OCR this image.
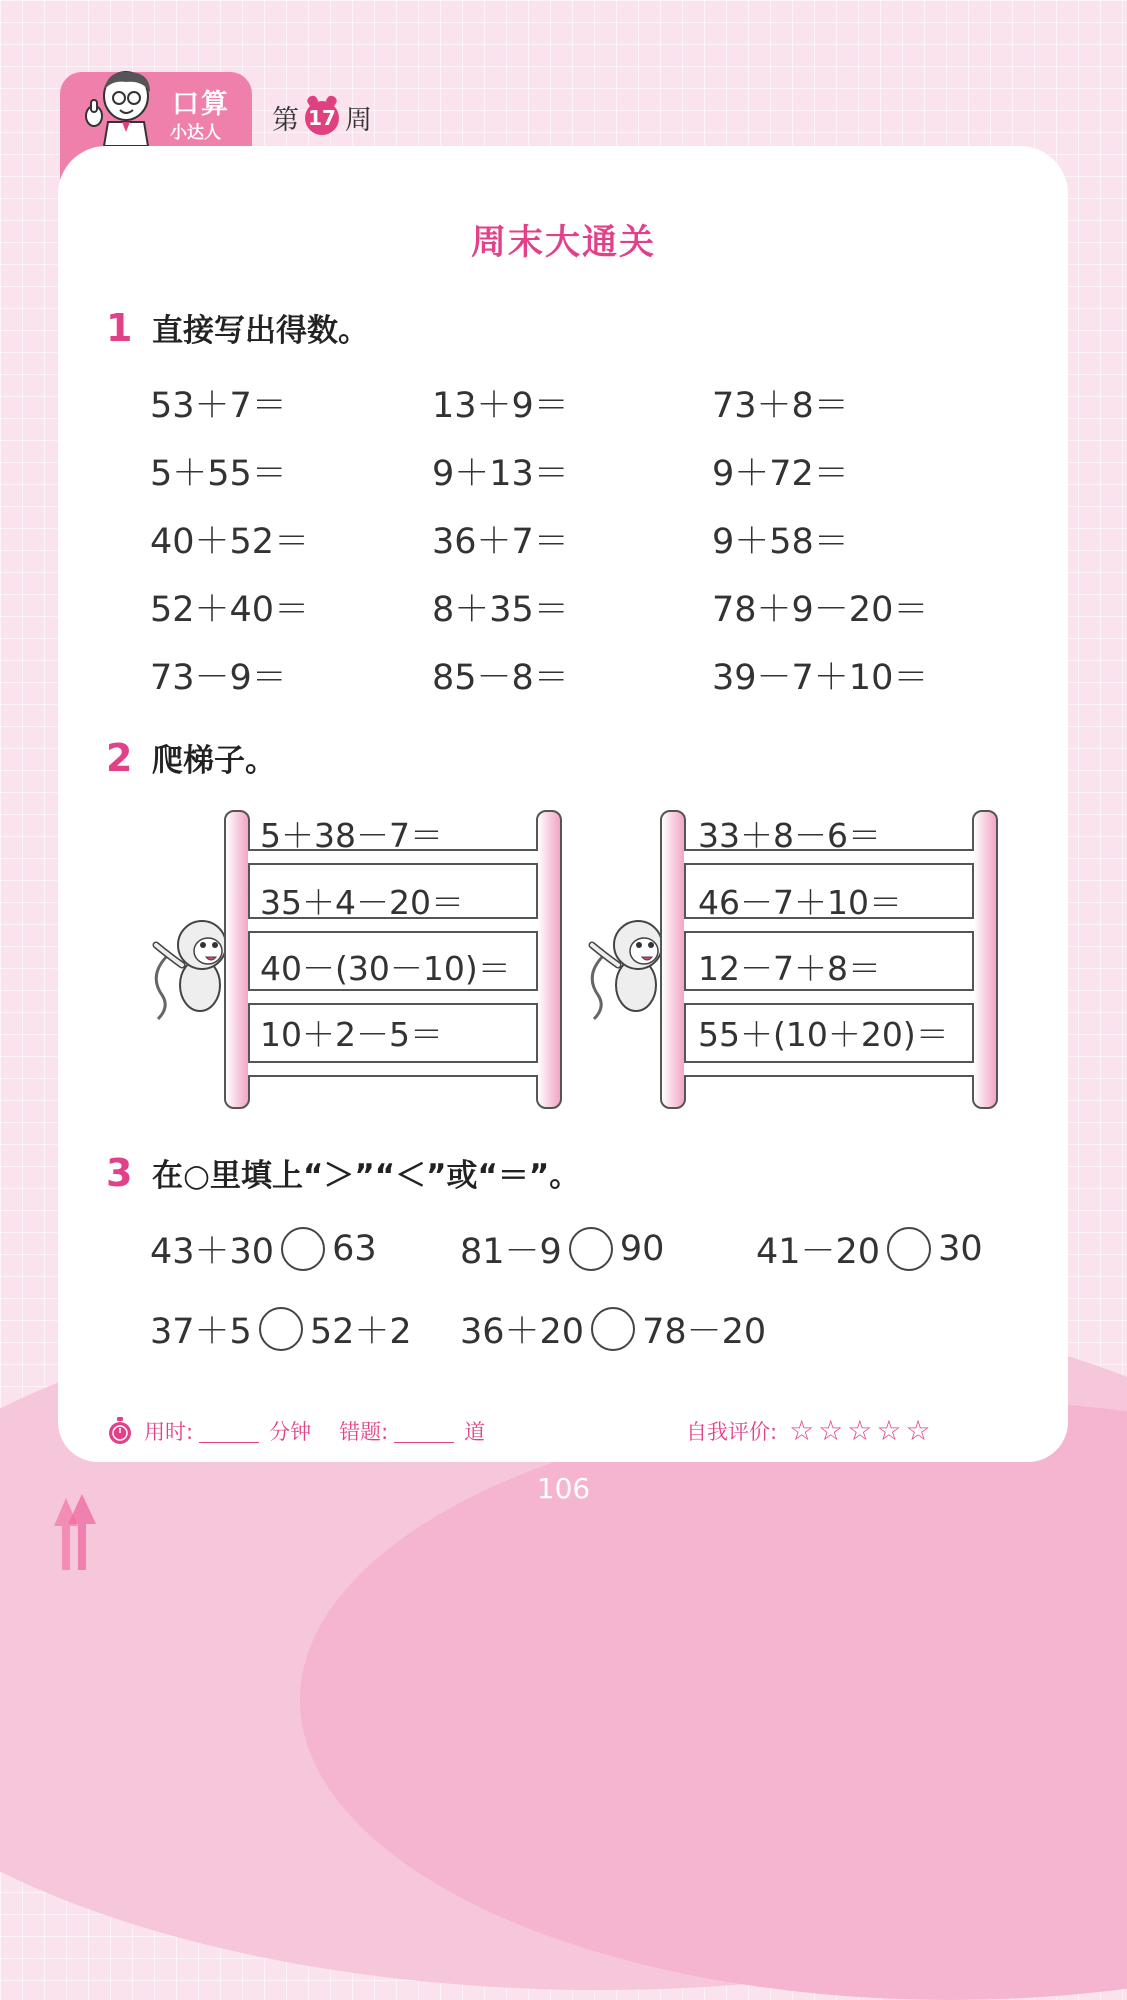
口算
小达人 第 17 周
周末大通关
1 直接写出得数。
53＋7＝	13＋9＝	73＋8＝
5＋55＝	9＋13＝	9＋72＝
40＋52＝	36＋7＝	9＋58＝
52＋40＝	8＋35＝	78＋9－20＝
73－9＝	85－8＝	39－7＋10＝
2 爬梯子。
5＋38－7＝
35＋4－20＝
40－(30－10)＝
10＋2－5＝
33＋8－6＝
46－7＋10＝
12－7＋8＝
55＋(10＋20)＝
3 在○里填上“＞”“＜”或“＝”。
43＋30 63 81－9 90	41－20 30
37＋5 52＋2 36＋20 78－20
用时:	分钟 错题:	道	自我评价: ☆☆☆☆☆
106
